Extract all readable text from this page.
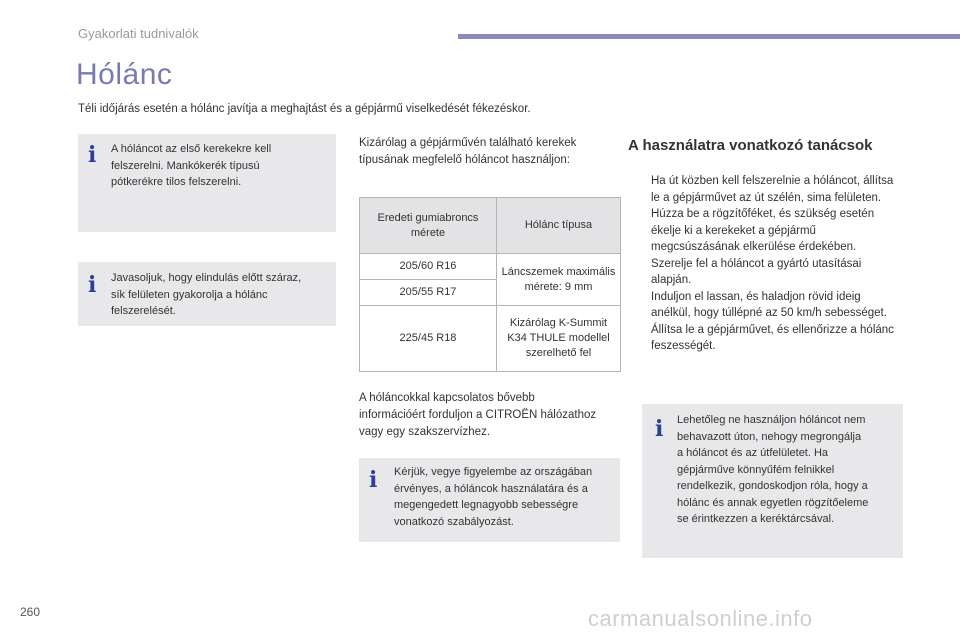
Gyakorlati tudnivalók
Hólánc
Téli időjárás esetén a hólánc javítja a meghajtást és a gépjármű viselkedését fékezéskor.
i A hóláncot az első kerekekre kell
felszerelni. Mankókerék típusú
pótkerékre tilos felszerelni.
i Javasoljuk, hogy elindulás előtt száraz,
sík felületen gyakorolja a hólánc
felszerelését.
Kizárólag a gépjárművén található kerekek
típusának megfelelő hóláncot használjon:
Eredeti gumiabroncs mérete	Hólánc típusa
205/60 R16	Láncszemek maximális mérete: 9 mm
205/55 R17	
225/45 R18	Kizárólag K-Summit K34 THULE modellel szerelhető fel
A hóláncokkal kapcsolatos bővebb
információért forduljon a CITROËN hálózathoz
vagy egy szakszervízhez.
i Kérjük, vegye figyelembe az országában
érvényes, a hóláncok használatára és a
megengedett legnagyobb sebességre
vonatkozó szabályozást.
A használatra vonatkozó tanácsok
Ha út közben kell felszerelnie a hóláncot, állítsa le a gépjárművet az út szélén, sima felületen.
Húzza be a rögzítőféket, és szükség esetén ékelje ki a kerekeket a gépjármű megcsúszásának elkerülése érdekében.
Szerelje fel a hóláncot a gyártó utasításai alapján.
Induljon el lassan, és haladjon rövid ideig anélkül, hogy túllépné az 50 km/h sebességet.
Állítsa le a gépjárművet, és ellenőrizze a hólánc feszességét.
i Lehetőleg ne használjon hóláncot nem
behavazott úton, nehogy megrongálja
a hóláncot és az útfelületet. Ha
gépjárműve könnyűfém felnikkel
rendelkezik, gondoskodjon róla, hogy a
hólánc és annak egyetlen rögzítőeleme
se érintkezzen a keréktárcsával.
260	carmanualsonline.info
